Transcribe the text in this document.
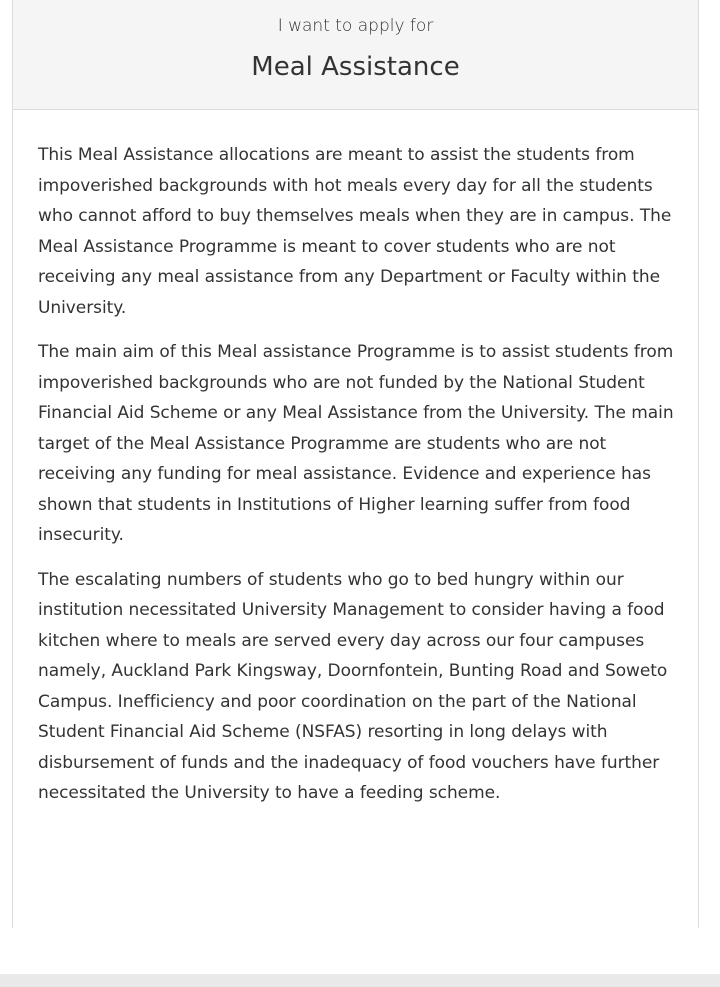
I want to apply for
Meal Assistance

This Meal Assistance allocations are meant to assist the students from impoverished backgrounds with hot meals every day for all the students who cannot afford to buy themselves meals when they are in campus. The Meal Assistance Programme is meant to cover students who are not receiving any meal assistance from any Department or Faculty within the University.

The main aim of this Meal assistance Programme is to assist students from impoverished backgrounds who are not funded by the National Student Financial Aid Scheme or any Meal Assistance from the University. The main target of the Meal Assistance Programme are students who are not receiving any funding for meal assistance. Evidence and experience has shown that students in Institutions of Higher learning suffer from food insecurity.

The escalating numbers of students who go to bed hungry within our institution necessitated University Management to consider having a food kitchen where to meals are served every day across our four campuses namely, Auckland Park Kingsway, Doornfontein, Bunting Road and Soweto Campus. Inefficiency and poor coordination on the part of the National Student Financial Aid Scheme (NSFAS) resorting in long delays with disbursement of funds and the inadequacy of food vouchers have further necessitated the University to have a feeding scheme.
